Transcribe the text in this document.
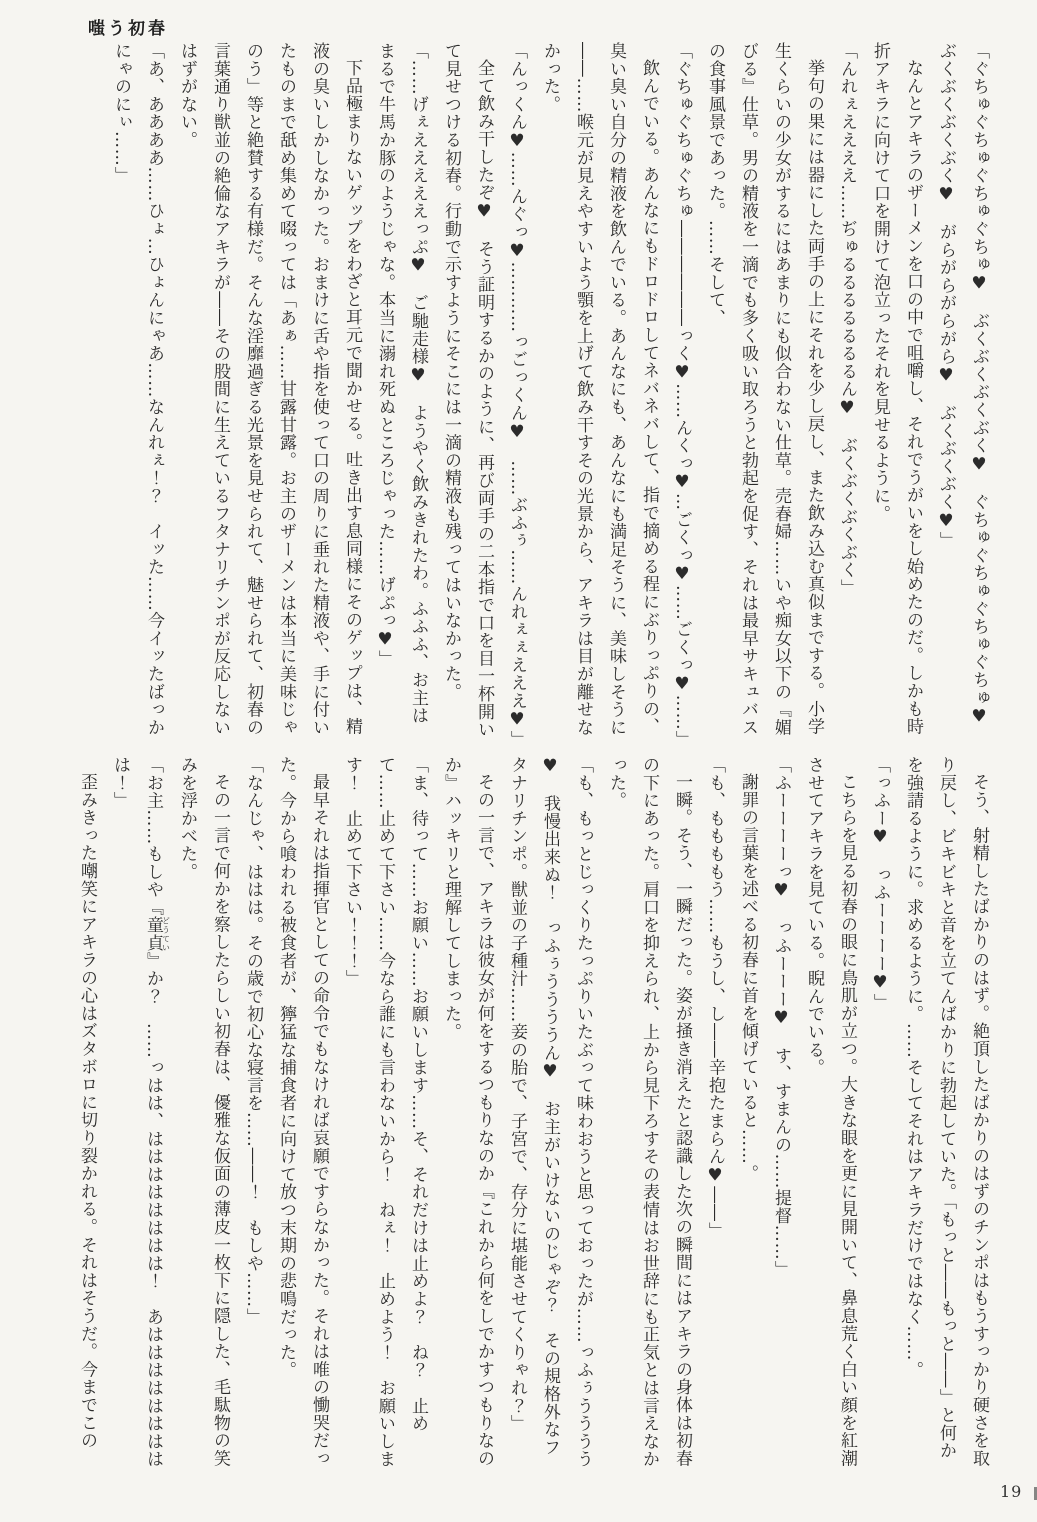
嗤う初春

「ぐちゅぐちゅぐちゅぐちゅ♥　ぶくぶくぶくぶく♥　ぐちゅぐちゅぐちゅぐちゅ♥ぶくぶくぶくぶく♥　がらがらがらがら♥　ぶくぶくぶく♥」

なんとアキラのザーメンを口の中で咀嚼し、それでうがいをし始めたのだ。しかも時折アキラに向けて口を開けて泡立ったそれを見せるように。

「んれぇええええ……ぢゅるるるるるるるん♥　ぶくぶくぶくぶく」

挙句の果には器にした両手の上にそれを少し戻し、また飲み込む真似までする。小学生くらいの少女がするにはあまりにも似合わない仕草。売春婦……いや痴女以下の『媚びる』仕草。男の精液を一滴でも多く吸い取ろうと勃起を促す、それは最早サキュバスの食事風景であった。……そして、

「ぐちゅぐちゅぐちゅ――――――っく♥……んくっ♥…ごくっ♥……ごくっ♥……」

飲んでいる。あんなにもドロドロしてネバネバして、指で摘める程にぶりっぷりの、臭い臭い自分の精液を飲んでいる。あんなにも、あんなにも満足そうに、美味しそうに――……喉元が見えやすいよう顎を上げて飲み干すその光景から、アキラは目が離せなかった。

「んっくん♥……んぐっ♥…………っごっくん♥　……ぶふぅ……んれぇぇえええ♥」

全て飲み干したぞ♥　そう証明するかのように、再び両手の二本指で口を目一杯開いて見せつける初春。行動で示すようにそこには一滴の精液も残ってはいなかった。

「……げぇえええええっぷ♥　ご馳走様♥　ようやく飲みきれたわ。ふふふ、お主はまるで牛馬か豚のようじゃな。本当に溺れ死ぬところじゃった……げぷっ♥」

下品極まりないゲップをわざと耳元で聞かせる。吐き出す息同様にそのゲップは、精液の臭いしかしなかった。おまけに舌や指を使って口の周りに垂れた精液や、手に付いたものまで舐め集めて啜っては「あぁ……甘露甘露。お主のザーメンは本当に美味じゃのう」等と絶賛する有様だ。そんな淫靡過ぎる光景を見せられて、魅せられて、初春の言葉通り獣並の絶倫なアキラが――その股間に生えているフタナリチンポが反応しないはずがない。

「あ、ああああ……ひょ…ひょんにゃあ……なんれぇ！？　イッた……今イッたばっかにゃのにぃ……」

そう、射精したばかりのはず。絶頂したばかりのはずのチンポはもうすっかり硬さを取り戻し、ビキビキと音を立てんばかりに勃起していた。「もっと――もっと――」と何かを強請るように。求めるように。……そしてそれはアキラだけではなく……。

「っふー♥　っふーーーー♥」

こちらを見る初春の眼に鳥肌が立つ。大きな眼を更に見開いて、鼻息荒く白い顔を紅潮させてアキラを見ている。睨んでいる。

「ふーーーーっ♥　っふーーー♥　す、すまんの……提督……」

謝罪の言葉を述べる初春に首を傾げていると……。

「も、ももももう……もうし、し――辛抱たまらん♥――」

一瞬。そう、一瞬だった。姿が掻き消えたと認識した次の瞬間にはアキラの身体は初春の下にあった。肩口を抑えられ、上から見下ろすその表情はお世辞にも正気とは言えなかった。

「も、もっとじっくりたっぷりいたぶって味わおうと思っておったが……っふぅうううう♥　我慢出来ぬ！　っふぅううううん♥　お主がいけないのじゃぞ？　その規格外なフタナリチンポ。獣並の子種汁……妾の胎で、子宮で、存分に堪能させてくりゃれ？」

その一言で、アキラは彼女が何をするつもりなのか『これから何をしでかすつもりなのか』ハッキリと理解してしまった。

「ま、待って……お願い……お願いします……そ、それだけは止めよ？　ね？　止めて……止めて下さい……今なら誰にも言わないから！　ねぇ！　止めよう！　お願いします！　止めて下さい！！！」

最早それは指揮官としての命令でもなければ哀願ですらなかった。それは唯の慟哭だった。今から喰われる被食者が、獰猛な捕食者に向けて放つ末期の悲鳴だった。

「なんじゃ、ははは。その歳で初心な寝言を……――！　もしや……」

その一言で何かを察したらしい初春は、優雅な仮面の薄皮一枚下に隠した、毛駄物の笑みを浮かべた。

「お主……もしや『童貞どうてい』か？　……っはは、はははははははは！　あははははははははは！」

歪みきった嘲笑にアキラの心はズタボロに切り裂かれる。それはそうだ。今までこの

19
